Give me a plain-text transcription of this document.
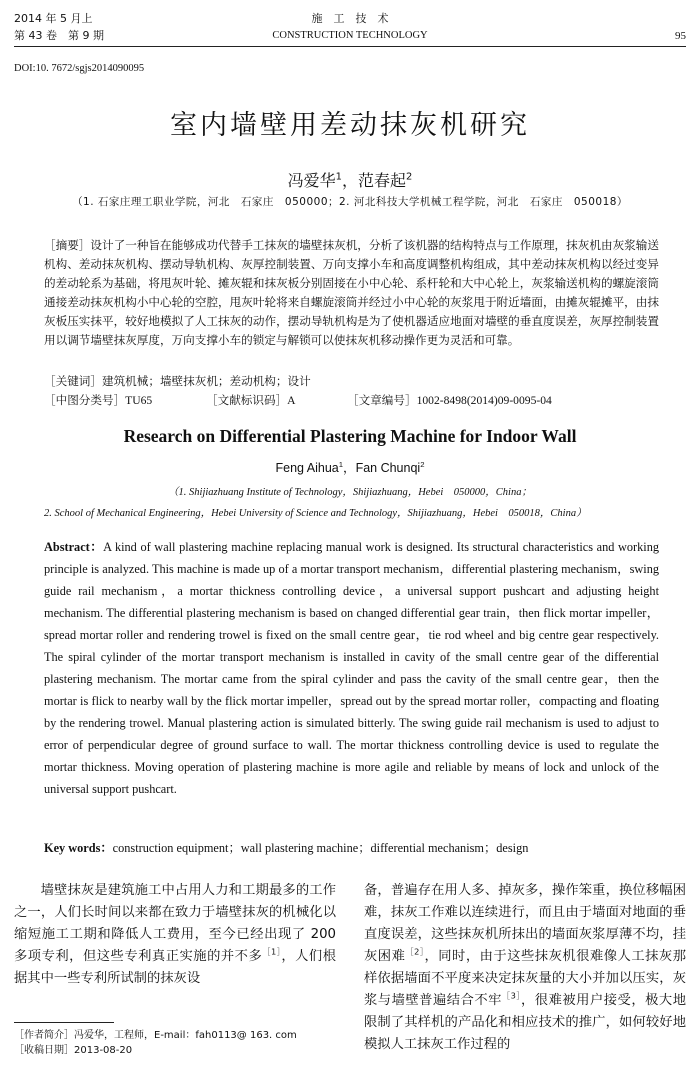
2014 年 5 月上
第 43 卷　第 9 期
施　工　技　术
CONSTRUCTION TECHNOLOGY	95
DOI:10. 7672/sgjs2014090095
室内墙壁用差动抹灰机研究
冯爱华$^1$，范春起$^2$
（1. 石家庄理工职业学院，河北　石家庄　050000；2. 河北科技大学机械工程学院，河北　石家庄　050018）
［摘要］设计了一种旨在能够成功代替手工抹灰的墙壁抹灰机，分析了该机器的结构特点与工作原理，抹灰机由灰浆输送机构、差动抹灰机构、摆动导轨机构、灰厚控制装置、万向支撑小车和高度调整机构组成，其中差动抹灰机构以经过变异的差动轮系为基础，将甩灰叶轮、摊灰辊和抹灰板分别固接在小中心轮、系杆轮和大中心轮上，灰浆输送机构的螺旋滚筒通接差动抹灰机构小中心轮的空腔，甩灰叶轮将来自螺旋滚筒并经过小中心轮的灰浆甩于附近墙面，由摊灰辊摊平，由抹灰板压实抹平，较好地模拟了人工抹灰的动作，摆动导轨机构是为了使机器适应地面对墙壁的垂直度误差，灰厚控制装置用以调节墙壁抹灰厚度，万向支撑小车的锁定与解锁可以使抹灰机移动操作更为灵活和可靠。
［关键词］建筑机械；墙壁抹灰机；差动机构；设计
［中图分类号］TU65	［文献标识码］A	［文章编号］1002-8498(2014)09-0095-04
Research on Differential Plastering Machine for Indoor Wall
Feng Aihua$^1$，Fan Chunqi$^2$
（1. Shijiazhuang Institute of Technology，Shijiazhuang，Hebei　050000，China；
2. School of Mechanical Engineering，Hebei University of Science and Technology，Shijiazhuang，Hebei　050018，China）
Abstract：A kind of wall plastering machine replacing manual work is designed. Its structural characteristics and working principle is analyzed. This machine is made up of a mortar transport mechanism，differential plastering mechanism，swing guide rail mechanism，a mortar thickness controlling device，a universal support pushcart and adjusting height mechanism. The differential plastering mechanism is based on changed differential gear train，then flick mortar impeller，spread mortar roller and rendering trowel is fixed on the small centre gear，tie rod wheel and big centre gear respectively. The spiral cylinder of the mortar transport mechanism is installed in cavity of the small centre gear of the differential plastering mechanism. The mortar came from the spiral cylinder and pass the cavity of the small centre gear，then the mortar is flick to nearby wall by the flick mortar impeller，spread out by the spread mortar roller，compacting and floating by the rendering trowel. Manual plastering action is simulated bitterly. The swing guide rail mechanism is used to adjust to error of perpendicular degree of ground surface to wall. The mortar thickness controlling device is used to regulate the mortar thickness. Moving operation of plastering machine is more agile and reliable by means of lock and unlock of the universal support pushcart.
Key words：construction equipment；wall plastering machine；differential mechanism；design
墙壁抹灰是建筑施工中占用人力和工期最多的工作之一，人们长时间以来都在致力于墙壁抹灰的机械化以缩短施工工期和降低人工费用，至今已经出现了 200 多项专利，但这些专利真正实施的并不多$^{[1]}$，人们根据其中一些专利所试制的抹灰设
［作者简介］冯爱华，工程师，E-mail：fah0113@ 163. com
［收稿日期］2013-08-20
备，普遍存在用人多、掉灰多，操作笨重，换位移幅困难，抹灰工作难以连续进行，而且由于墙面对地面的垂直度误差，这些抹灰机所抹出的墙面灰浆厚薄不均，挂灰困难$^{[2]}$，同时，由于这些抹灰机很难像人工抹灰那样依据墙面不平度来决定抹灰量的大小并加以压实，灰浆与墙壁普遍结合不牢$^{[3]}$，很难被用户接受，极大地限制了其样机的产品化和相应技术的推广，如何较好地模拟人工抹灰工作过程的
